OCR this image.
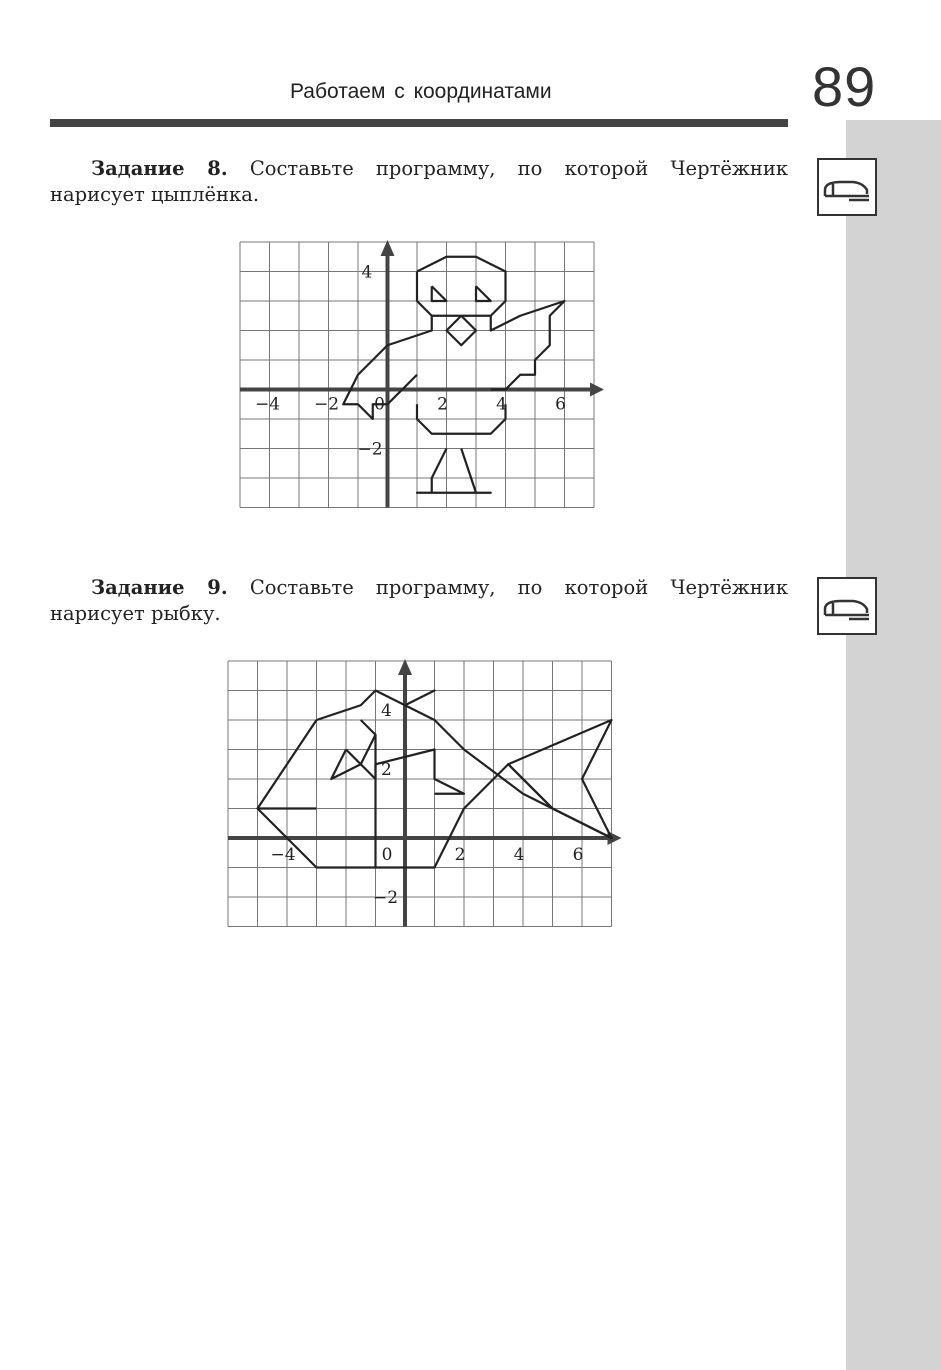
Работаем с координатами	89
Задание 8. Составьте программу, по которой Чертёжник
нарисует цыплёнка.
−4 −2 0	2	4	6
4
−2
Задание 9. Составьте программу, по которой Чертёжник
нарисует рыбку.
−4	0	2	4	6
4
2
−2
